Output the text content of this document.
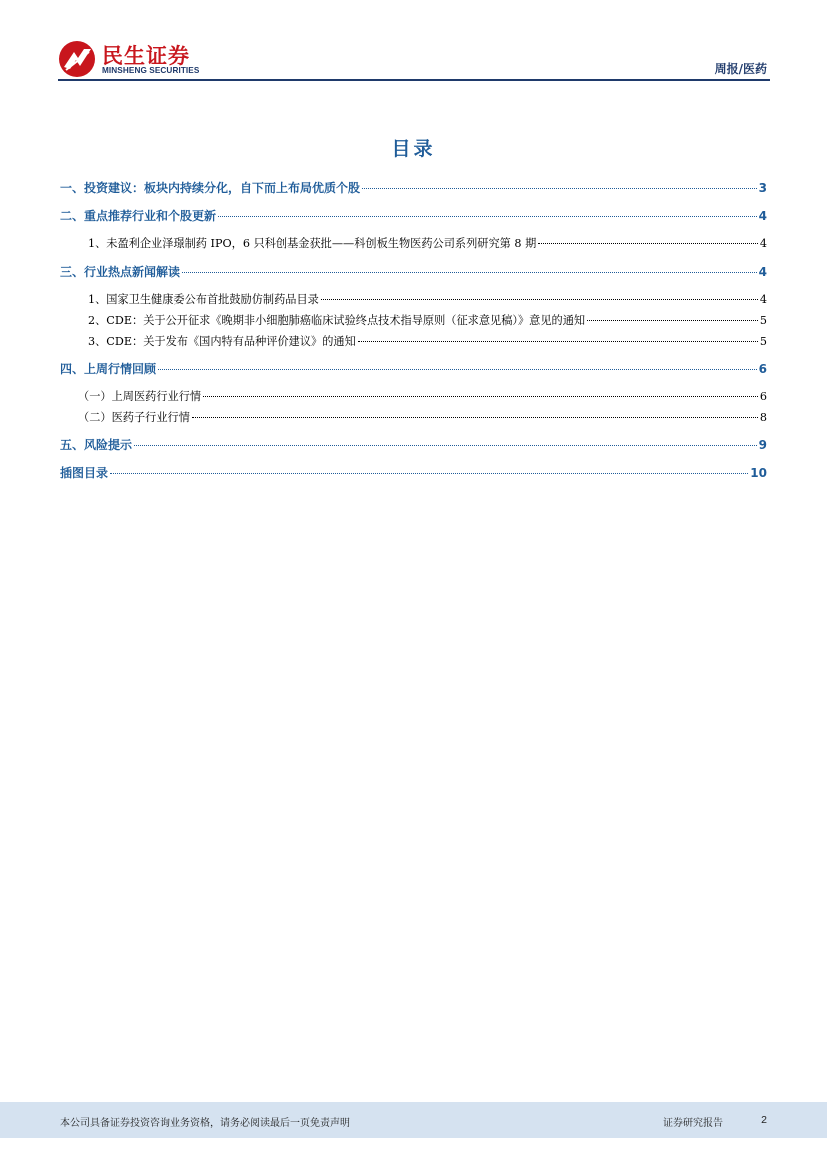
民生证券
MINSHENG SECURITIES	周报/医药
目录
一、投资建议：板块内持续分化，自下而上布局优质个股	3
二、重点推荐行业和个股更新	4
1、未盈利企业泽璟制药 IPO，6 只科创基金获批——科创板生物医药公司系列研究第 8 期	4
三、行业热点新闻解读	4
1、国家卫生健康委公布首批鼓励仿制药品目录	4
2、CDE：关于公开征求《晚期非小细胞肺癌临床试验终点技术指导原则（征求意见稿）》意见的通知	5
3、CDE：关于发布《国内特有品种评价建议》的通知	5
四、上周行情回顾	6
（一）上周医药行业行情	6
（二）医药子行业行情	8
五、风险提示	9
插图目录	10
本公司具备证券投资咨询业务资格，请务必阅读最后一页免责声明	证券研究报告	2
